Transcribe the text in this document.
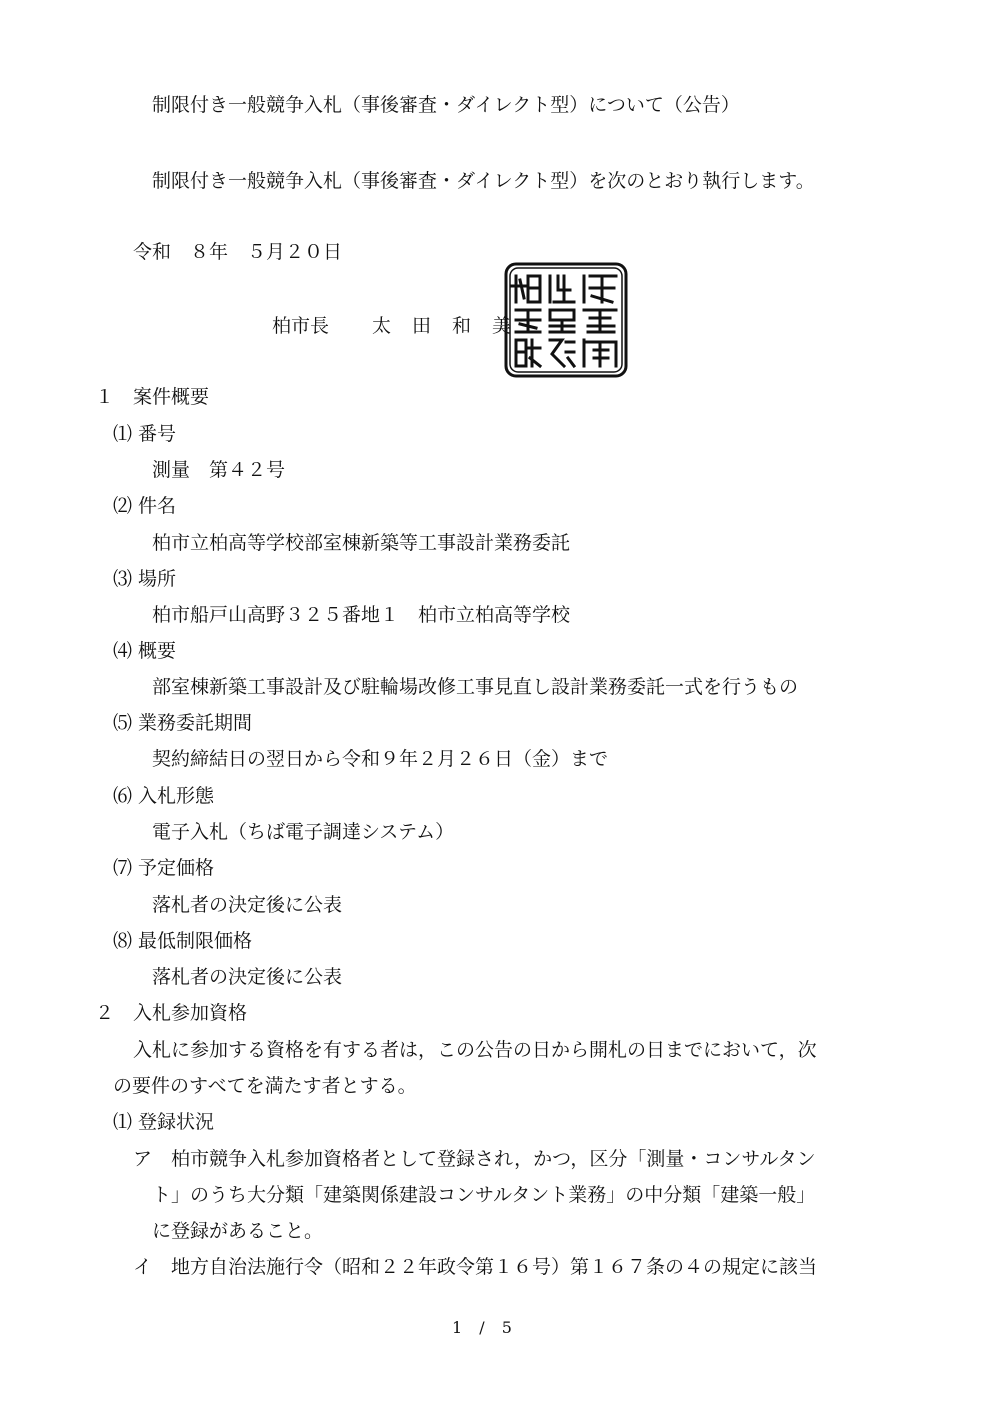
制限付き一般競争入札（事後審査・ダイレクト型）について（公告）
制限付き一般競争入札（事後審査・ダイレクト型）を次のとおり執行します。
令和　８年　５月２０日
柏市長 太　田　和　美
１　案件概要
⑴ 番号
測量　第４２号
⑵ 件名
柏市立柏高等学校部室棟新築等工事設計業務委託
⑶ 場所
柏市船戸山高野３２５番地１　柏市立柏高等学校
⑷ 概要
部室棟新築工事設計及び駐輪場改修工事見直し設計業務委託一式を行うもの
⑸ 業務委託期間
契約締結日の翌日から令和９年２月２６日（金）まで
⑹ 入札形態
電子入札（ちば電子調達システム）
⑺ 予定価格
落札者の決定後に公表
⑻ 最低制限価格
落札者の決定後に公表
２　入札参加資格
入札に参加する資格を有する者は，この公告の日から開札の日までにおいて，次
の要件のすべてを満たす者とする。
⑴ 登録状況
ア　柏市競争入札参加資格者として登録され，かつ，区分「測量・コンサルタン
ト」のうち大分類「建築関係建設コンサルタント業務」の中分類「建築一般」
に登録があること。
イ　地方自治法施行令（昭和２２年政令第１６号）第１６７条の４の規定に該当
1 / 5
